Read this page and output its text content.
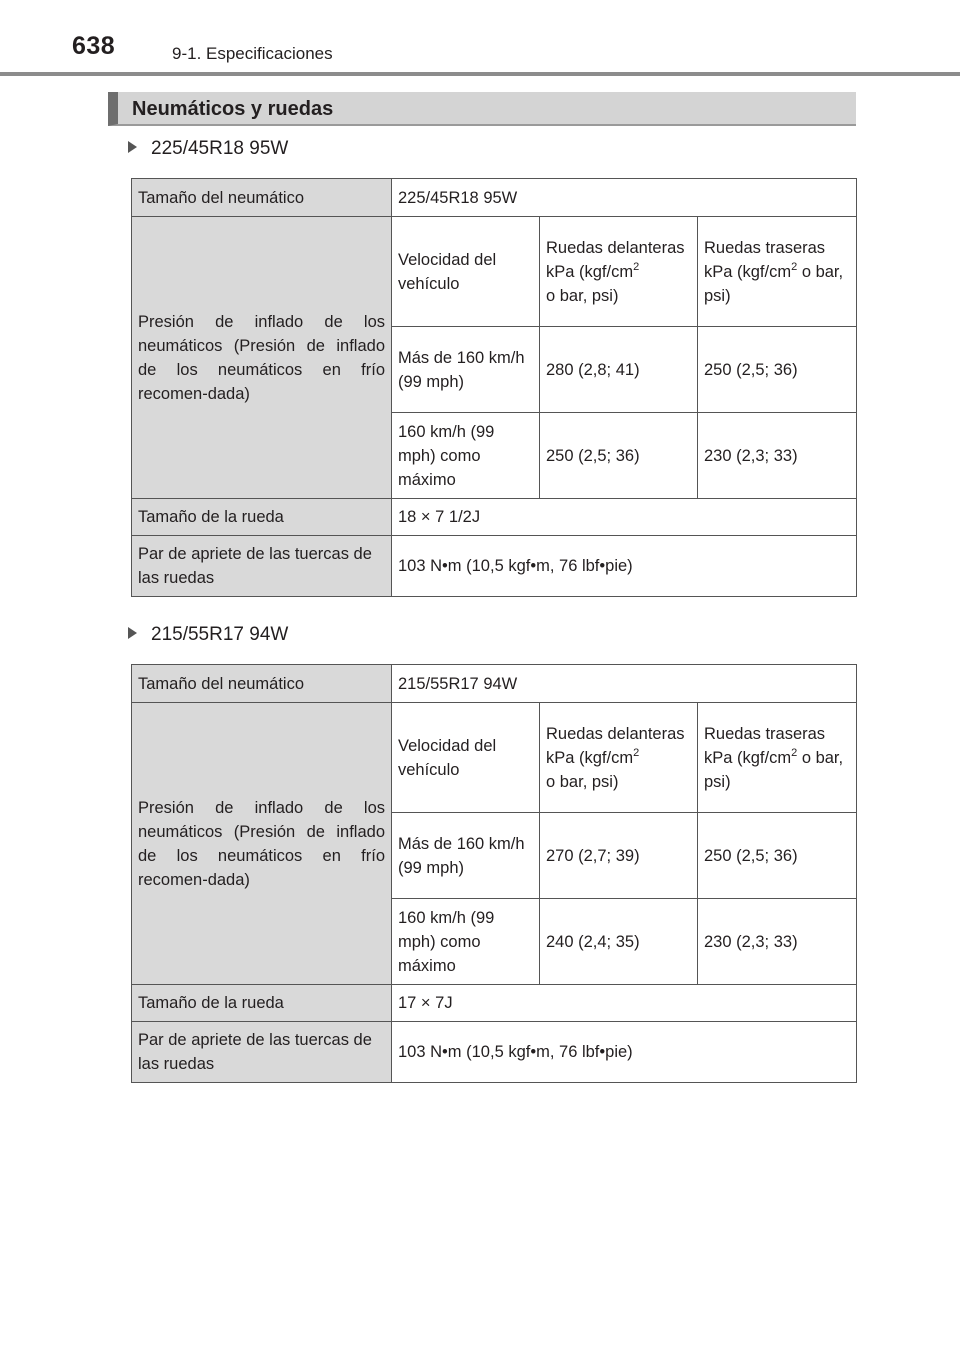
638	9-1. Especificaciones
Neumáticos y ruedas
225/45R18 95W
Tamaño del neumático	225/45R18 95W		
Presión de inflado de los neumáticos (Presión de inflado de los neumáticos en frío recomen-dada)	Velocidad del vehículo	Ruedas delanteras kPa ($kgf/cm^2$
o bar, psi)	Ruedas traseras kPa ($kgf/cm^2$ o bar, psi)
	Más de 160 km/h (99 mph)	280 (2,8; 41)	250 (2,5; 36)
	160 km/h (99 mph) como máximo	250 (2,5; 36)	230 (2,3; 33)
Tamaño de la rueda	18 × 7 1/2J		
Par de apriete de las tuercas de las ruedas	103 N•m (10,5 kgf•m, 76 lbf•pie)		
215/55R17 94W
Tamaño del neumático	215/55R17 94W		
Presión de inflado de los neumáticos (Presión de inflado de los neumáticos en frío recomen-dada)	Velocidad del vehículo	Ruedas delanteras kPa ($kgf/cm^2$
o bar, psi)	Ruedas traseras kPa ($kgf/cm^2$ o bar, psi)
	Más de 160 km/h (99 mph)	270 (2,7; 39)	250 (2,5; 36)
	160 km/h (99 mph) como máximo	240 (2,4; 35)	230 (2,3; 33)
Tamaño de la rueda	17 × 7J		
Par de apriete de las tuercas de las ruedas	103 N•m (10,5 kgf•m, 76 lbf•pie)		
